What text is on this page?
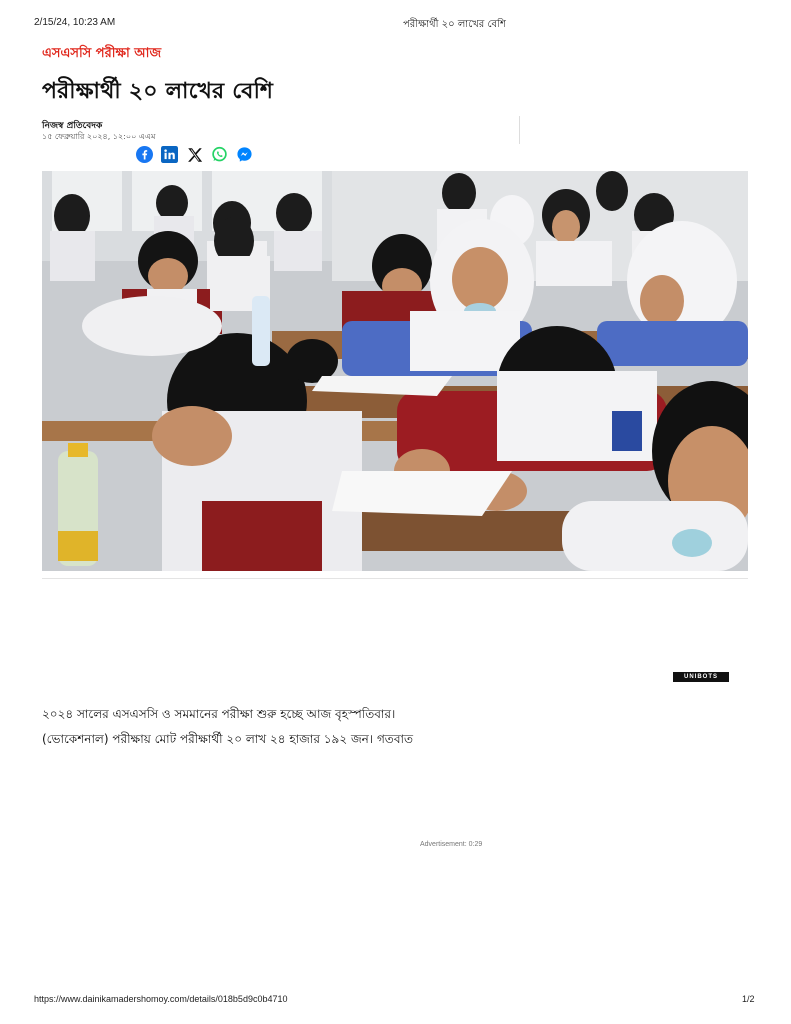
2/15/24, 10:23 AM	পরীক্ষার্থী ২০ লাখের বেশি
এসএসসি পরীক্ষা আজ
পরীক্ষার্থী ২০ লাখের বেশি
নিজস্ব প্রতিবেদক
১৫ ফেব্রুয়ারি ২০২৪, ১২:০০ এএম
UNIBOTS
২০২৪ সালের এসএসসি ও সমমানের পরীক্ষা শুরু হচ্ছে আজ বৃহস্পতিবার।
(ভোকেশনাল) পরীক্ষায় মোট পরীক্ষার্থী ২০ লাখ ২৪ হাজার ১৯২ জন। গতবাত
Advertisement: 0:29
https://www.dainikamadershomoy.com/details/018b5d9c0b4710	1/2
